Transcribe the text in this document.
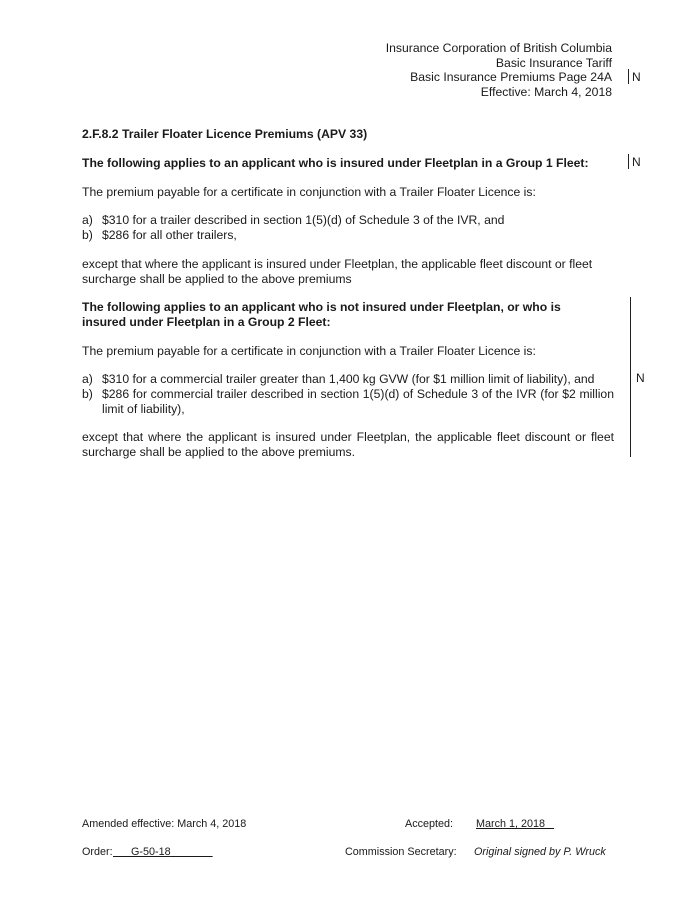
Insurance Corporation of British Columbia
Basic Insurance Tariff
Basic Insurance Premiums Page 24A
Effective: March 4, 2018
N
N
N
2.F.8.2 Trailer Floater Licence Premiums (APV 33)
The following applies to an applicant who is insured under Fleetplan in a Group 1 Fleet:
The premium payable for a certificate in conjunction with a Trailer Floater Licence is:
a) $310 for a trailer described in section 1(5)(d) of Schedule 3 of the IVR, and
b) $286 for all other trailers,
except that where the applicant is insured under Fleetplan, the applicable fleet discount or fleet surcharge shall be applied to the above premiums
The following applies to an applicant who is not insured under Fleetplan, or who is insured under Fleetplan in a Group 2 Fleet:
The premium payable for a certificate in conjunction with a Trailer Floater Licence is:
a) $310 for a commercial trailer greater than 1,400 kg GVW (for $1 million limit of liability), and
b) $286 for commercial trailer described in section 1(5)(d) of Schedule 3 of the IVR (for $2 million limit of liability),
except that where the applicant is insured under Fleetplan, the applicable fleet discount or fleet surcharge shall be applied to the above premiums.
Amended effective: March 4, 2018	Accepted: March 1, 2018
Order:	G-50-18	Commission Secretary: Original signed by P. Wruck
